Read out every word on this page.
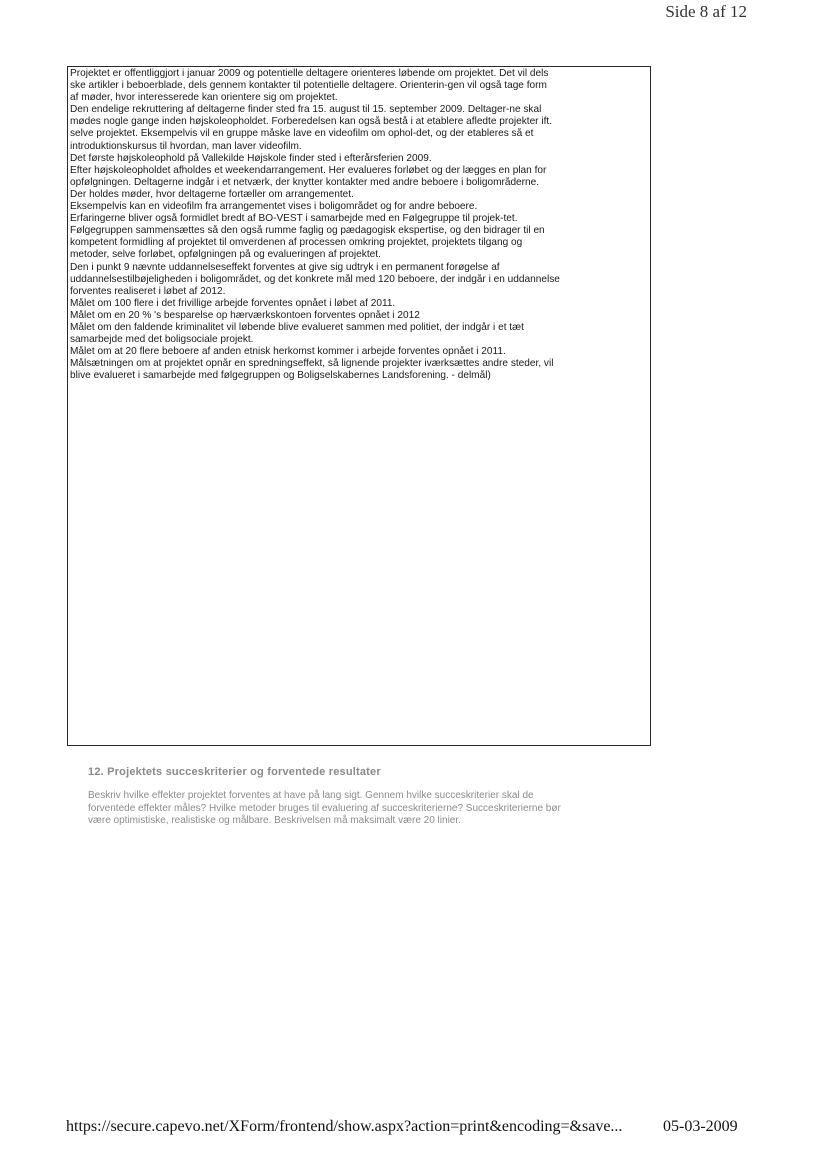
Side 8 af 12
Projektet er offentliggjort i januar 2009 og potentielle deltagere orienteres løbende om projektet. Det vil dels
ske artikler i beboerblade, dels gennem kontakter til potentielle deltagere. Orienterin-gen vil også tage form
af møder, hvor interesserede kan orientere sig om projektet.
Den endelige rekruttering af deltagerne finder sted fra 15. august til 15. september 2009. Deltager-ne skal
mødes nogle gange inden højskoleopholdet. Forberedelsen kan også bestå i at etablere afledte projekter ift.
selve projektet. Eksempelvis vil en gruppe måske lave en videofilm om ophol-det, og der etableres så et
introduktionskursus til hvordan, man laver videofilm.
Det første højskoleophold på Vallekilde Højskole finder sted i efterårsferien 2009.
Efter højskoleopholdet afholdes et weekendarrangement. Her evalueres forløbet og der lægges en plan for
opfølgningen. Deltagerne indgår i et netværk, der knytter kontakter med andre beboere i boligområderne.
Der holdes møder, hvor deltagerne fortæller om arrangementet.
Eksempelvis kan en videofilm fra arrangementet vises i boligområdet og for andre beboere.
Erfaringerne bliver også formidlet bredt af BO-VEST i samarbejde med en Følgegruppe til projek-tet.
Følgegruppen sammensættes så den også rumme faglig og pædagogisk ekspertise, og den bidrager til en
kompetent formidling af projektet til omverdenen af processen omkring projektet, projektets tilgang og
metoder, selve forløbet, opfølgningen på og evalueringen af projektet.
Den i punkt 9 nævnte uddannelseseffekt forventes at give sig udtryk i en permanent forøgelse af
uddannelsestilbøjeligheden i boligområdet, og det konkrete mål med 120 beboere, der indgår i en uddannelse
forventes realiseret i løbet af 2012.
Målet om 100 flere i det frivillige arbejde forventes opnået i løbet af 2011.
Målet om en 20 % 's besparelse op hærværkskontoen forventes opnået i 2012
Målet om den faldende kriminalitet vil løbende blive evalueret sammen med politiet, der indgår i et tæt
samarbejde med det boligsociale projekt.
Målet om at 20 flere beboere af anden etnisk herkomst kommer i arbejde forventes opnået i 2011.
Målsætningen om at projektet opnår en spredningseffekt, så lignende projekter iværksættes andre steder, vil
blive evalueret i samarbejde med følgegruppen og Boligselskabernes Landsforening. - delmål)
12. Projektets succeskriterier og forventede resultater
Beskriv hvilke effekter projektet forventes at have på lang sigt. Gennem hvilke succeskriterier skal de
forventede effekter måles? Hvilke metoder bruges til evaluering af succeskriterierne? Succeskriterierne bør
være optimistiske, realistiske og målbare. Beskrivelsen må maksimalt være 20 linier.
https://secure.capevo.net/XForm/frontend/show.aspx?action=print&encoding=&save...	05-03-2009
